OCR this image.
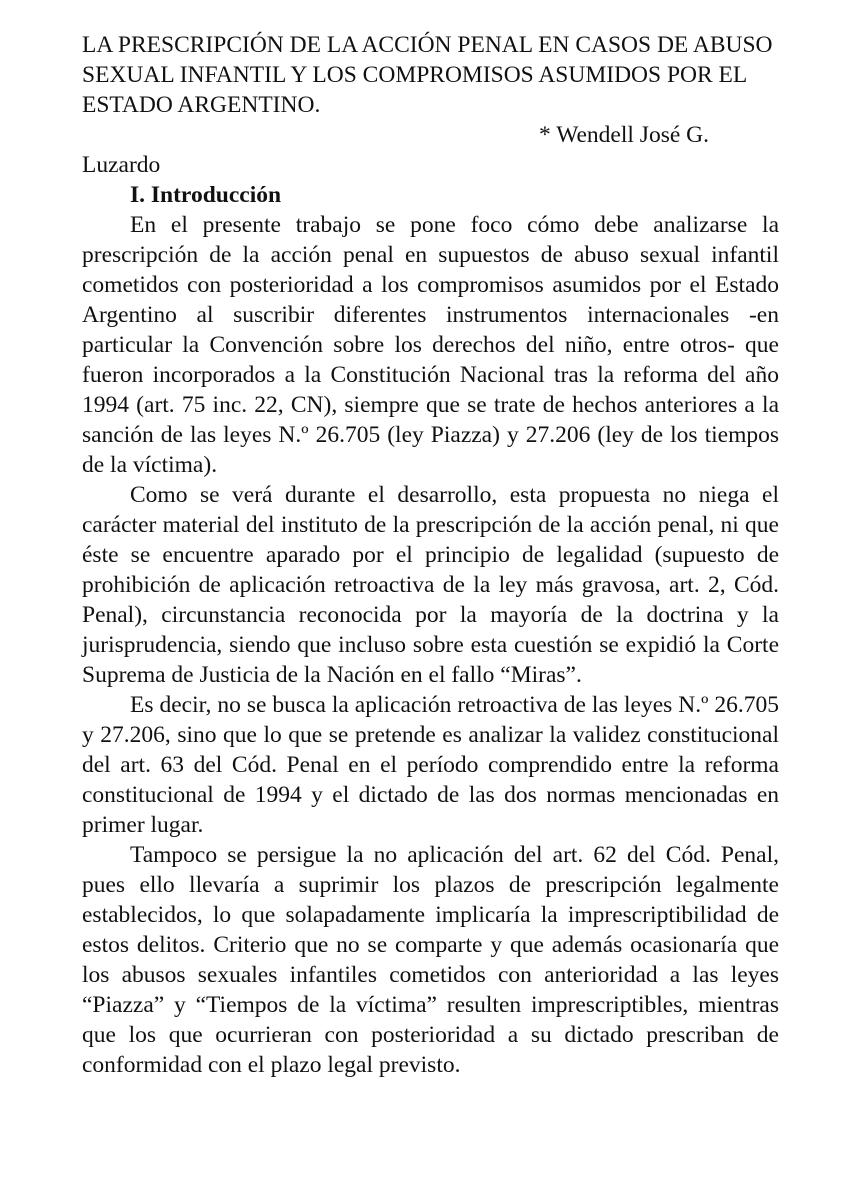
LA PRESCRIPCIÓN DE LA ACCIÓN PENAL EN CASOS DE ABUSO SEXUAL INFANTIL Y LOS COMPROMISOS ASUMIDOS POR EL ESTADO ARGENTINO.

* Wendell José G. Luzardo

I. Introducción

En el presente trabajo se pone foco cómo debe analizarse la prescripción de la acción penal en supuestos de abuso sexual infantil cometidos con posterioridad a los compromisos asumidos por el Estado Argentino al suscribir diferentes instrumentos internacionales -en particular la Convención sobre los derechos del niño, entre otros- que fueron incorporados a la Constitución Nacional tras la reforma del año 1994 (art. 75 inc. 22, CN), siempre que se trate de hechos anteriores a la sanción de las leyes N.º 26.705 (ley Piazza) y 27.206 (ley de los tiempos de la víctima).

Como se verá durante el desarrollo, esta propuesta no niega el carácter material del instituto de la prescripción de la acción penal, ni que éste se encuentre aparado por el principio de legalidad (supuesto de prohibición de aplicación retroactiva de la ley más gravosa, art. 2, Cód. Penal), circunstancia reconocida por la mayoría de la doctrina y la jurisprudencia, siendo que incluso sobre esta cuestión se expidió la Corte Suprema de Justicia de la Nación en el fallo “Miras”.

Es decir, no se busca la aplicación retroactiva de las leyes N.º 26.705 y 27.206, sino que lo que se pretende es analizar la validez constitucional del art. 63 del Cód. Penal en el período comprendido entre la reforma constitucional de 1994 y el dictado de las dos normas mencionadas en primer lugar.

Tampoco se persigue la no aplicación del art. 62 del Cód. Penal, pues ello llevaría a suprimir los plazos de prescripción legalmente establecidos, lo que solapadamente implicaría la imprescriptibilidad de estos delitos. Criterio que no se comparte y que además ocasionaría que los abusos sexuales infantiles cometidos con anterioridad a las leyes “Piazza” y “Tiempos de la víctima” resulten imprescriptibles, mientras que los que ocurrieran con posterioridad a su dictado prescriban de conformidad con el plazo legal previsto.
